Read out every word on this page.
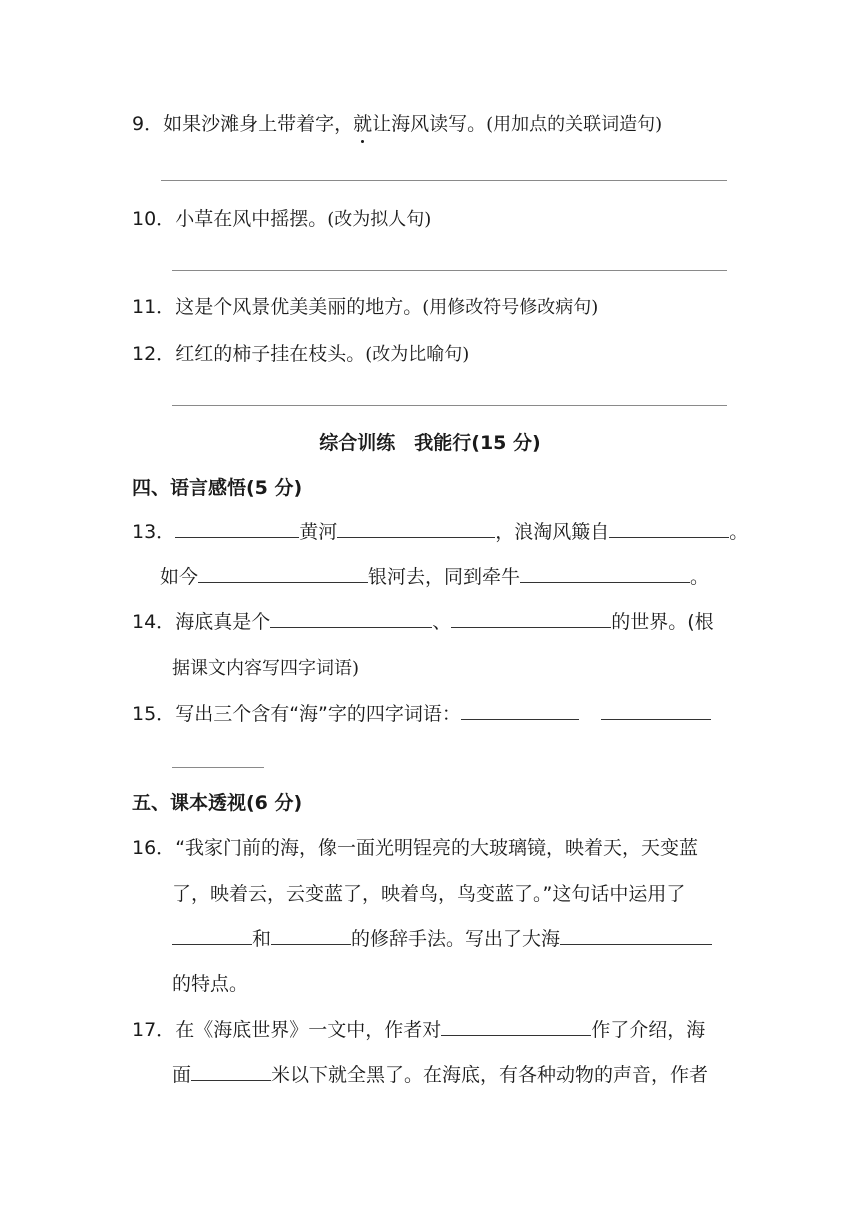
9．如果沙滩身上带着字，就让海风读写。(用加点的关联词造句)
10．小草在风中摇摆。(改为拟人句)
11．这是个风景优美美丽的地方。(用修改符号修改病句)
12．红红的柿子挂在枝头。(改为比喻句)
综合训练　我能行(15 分)
四、语言感悟(5 分)
13．	黄河	，浪淘风簸自	。
如今	银河去，同到牵牛	。
14．海底真是个	、	的世界。(根
据课文内容写四字词语)
15．写出三个含有“海”字的四字词语：
五、课本透视(6 分)
16．“我家门前的海，像一面光明锃亮的大玻璃镜，映着天，天变蓝
了，映着云，云变蓝了，映着鸟，鸟变蓝了。”这句话中运用了
和	的修辞手法。写出了大海
的特点。
17．在《海底世界》一文中，作者对	作了介绍，海
面	米以下就全黑了。在海底，有各种动物的声音，作者
